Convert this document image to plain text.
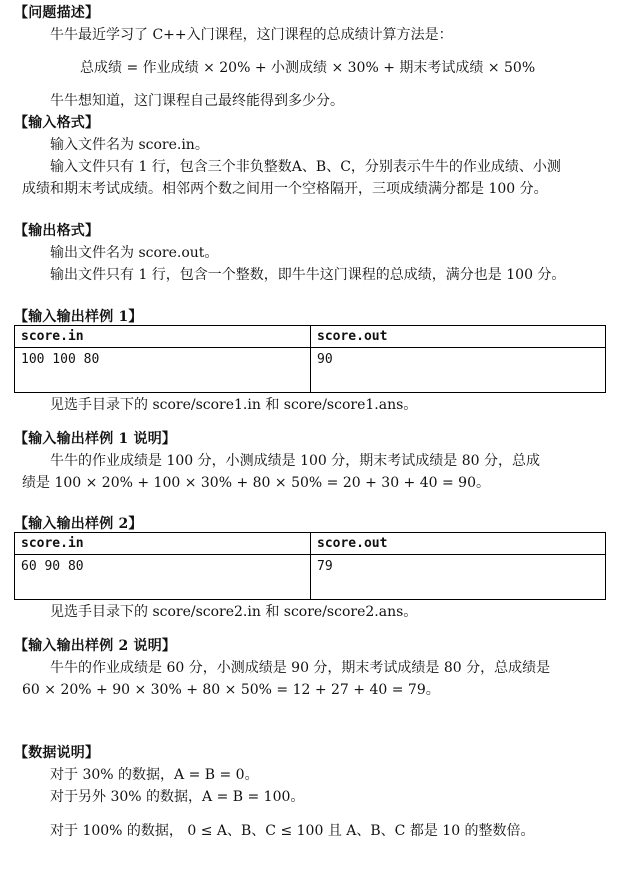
【问题描述】
牛牛最近学习了 C++入门课程，这门课程的总成绩计算方法是：
总成绩 = 作业成绩 × 20% + 小测成绩 × 30% + 期末考试成绩 × 50%
牛牛想知道，这门课程自己最终能得到多少分。
【输入格式】
输入文件名为 score.in。
输入文件只有 1 行，包含三个非负整数A、B、C，分别表示牛牛的作业成绩、小测
成绩和期末考试成绩。相邻两个数之间用一个空格隔开，三项成绩满分都是 100 分。
【输出格式】
输出文件名为 score.out。
输出文件只有 1 行，包含一个整数，即牛牛这门课程的总成绩，满分也是 100 分。
【输入输出样例 1】
score.in	score.out
100 100 80	90
见选手目录下的 score/score1.in 和 score/score1.ans。
【输入输出样例 1 说明】
牛牛的作业成绩是 100 分，小测成绩是 100 分，期末考试成绩是 80 分，总成
绩是 100 × 20% + 100 × 30% + 80 × 50% = 20 + 30 + 40 = 90。
【输入输出样例 2】
score.in	score.out
60 90 80	79
见选手目录下的 score/score2.in 和 score/score2.ans。
【输入输出样例 2 说明】
牛牛的作业成绩是 60 分，小测成绩是 90 分，期末考试成绩是 80 分，总成绩是
60 × 20% + 90 × 30% + 80 × 50% = 12 + 27 + 40 = 79。
【数据说明】
对于 30% 的数据，A = B = 0。
对于另外 30% 的数据，A = B = 100。
对于 100% 的数据， 0 ≤ A、B、C ≤ 100 且 A、B、C 都是 10 的整数倍。
